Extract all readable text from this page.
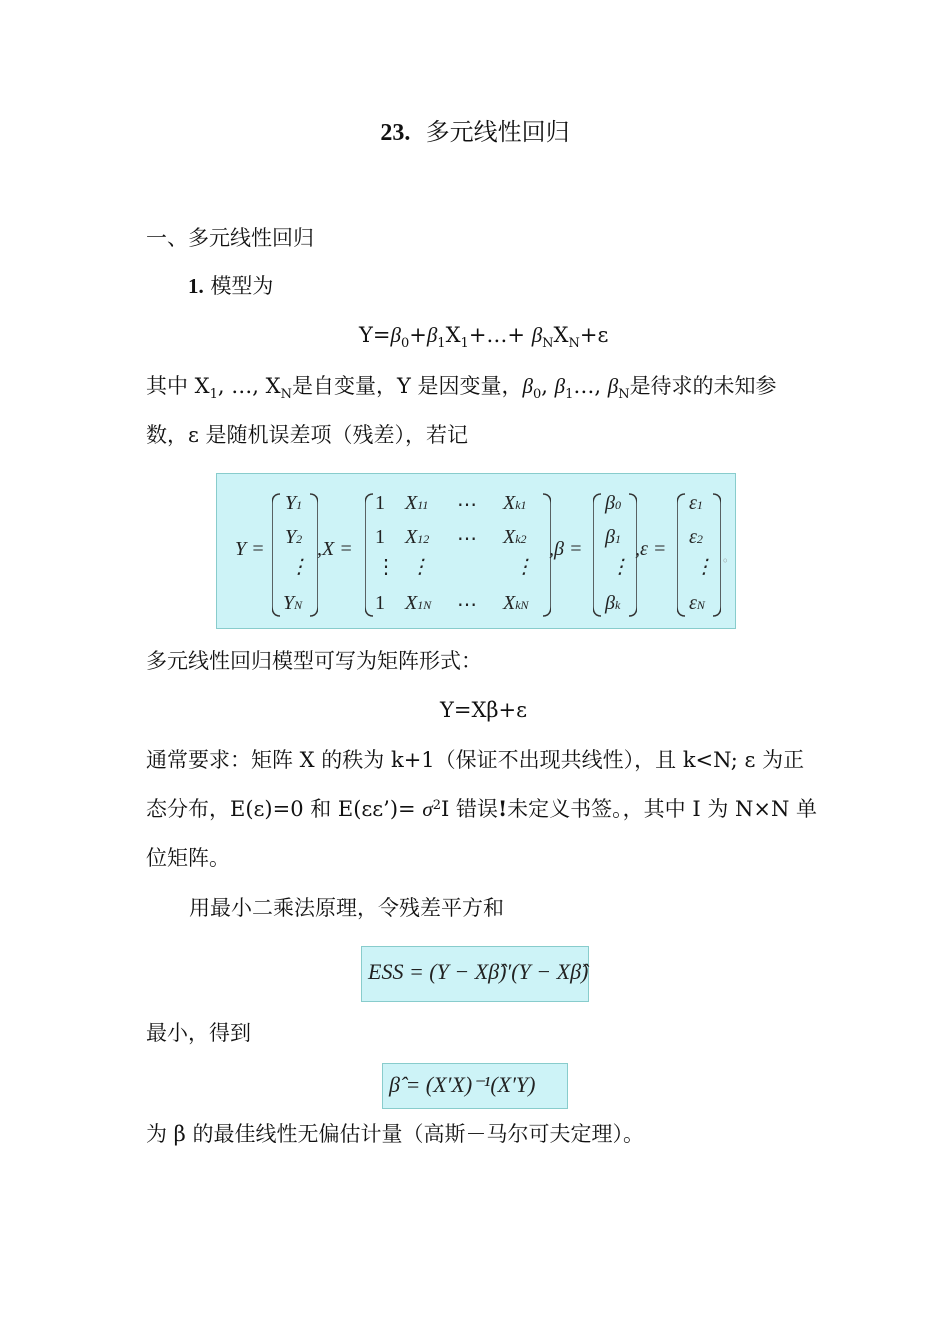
23. 多元线性回归
一、多元线性回归
1. 模型为
$Y=\beta_0+\beta_1X_1+\dots+ \beta_NX_N+\varepsilon$
其中 $X_1$, …, $X_N$是自变量，Y 是因变量，$\beta_0$, $\beta_1\dots$, $\beta_N$是待求的未知参
数，ε 是随机误差项（残差），若记
Y =
Y1
Y2
⋮
YN
,X =
1
1
⋮
1
X11
X12
⋮
X1N
⋯
⋯
⋯
Xk1
Xk2
⋮
XkN
,β =
β0
β1
⋮
βk
,ε =
ε1
ε2
⋮
εN
。
多元线性回归模型可写为矩阵形式：
Y=Xβ+ε
通常要求：矩阵 X 的秩为 k+1（保证不出现共线性），且 k<N; ε 为正
态分布，E(ε)=0 和 E(εε’)= $\sigma^2I$ 错误!未定义书签。，其中 I 为 N×N 单
位矩阵。
用最小二乘法原理，令残差平方和
ESS = (Y − Xβ̂)′(Y − Xβ̂)
最小，得到
β̂ = (X′X)⁻¹(X′Y)
为 β 的最佳线性无偏估计量（高斯－马尔可夫定理）。
